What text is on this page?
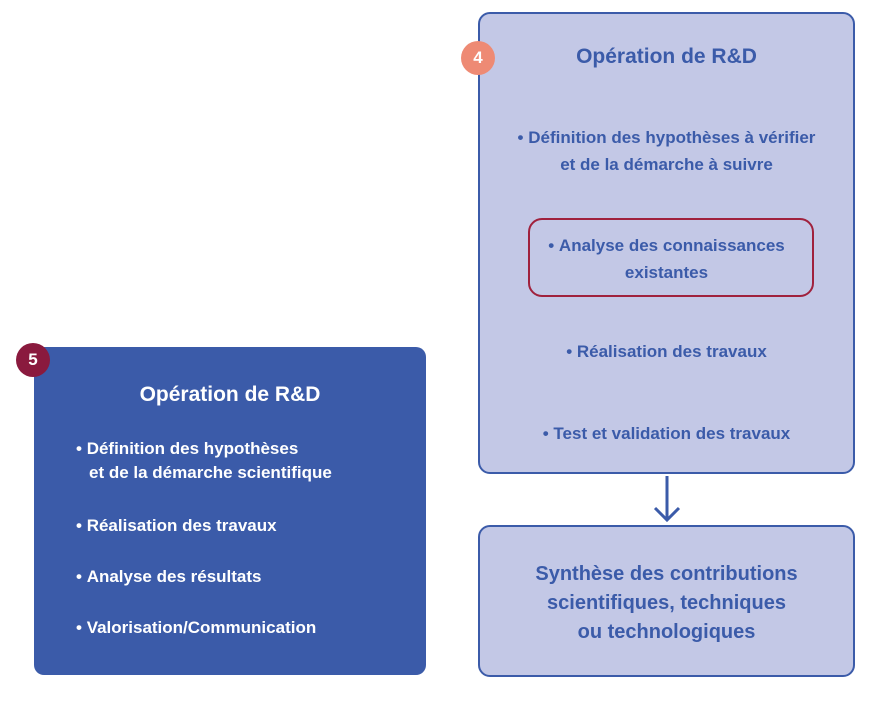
5
Opération de R&D
• Définition des hypothèses
et de la démarche scientifique
• Réalisation des travaux
• Analyse des résultats
• Valorisation/Communication
4	Opération de R&D
• Définition des hypothèses à vérifier
et de la démarche à suivre
• Analyse des connaissances
existantes
• Réalisation des travaux
• Test et validation des travaux
Synthèse des contributions
scientifiques, techniques
ou technologiques
